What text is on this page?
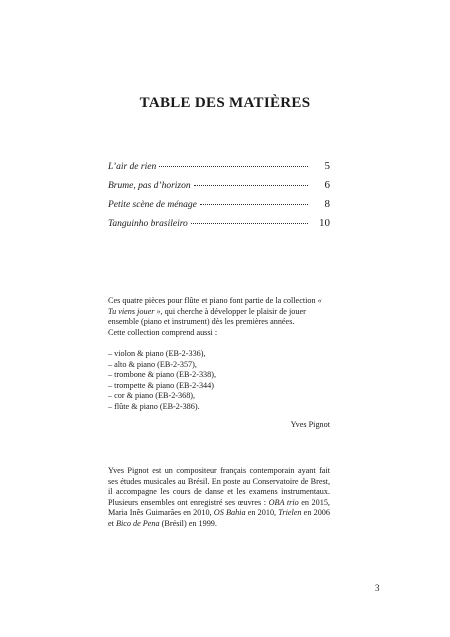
TABLE DES MATIÈRES
L’air de rien	5
Brume, pas d’horizon	6
Petite scène de ménage	8
Tanguinho brasileiro	10

Ces quatre pièces pour flûte et piano font partie de la collection « Tu viens jouer », qui cherche à développer le plaisir de jouer ensemble (piano et instrument) dès les premières années.

Cette collection comprend aussi :

– violon & piano (EB-2-336),
– alto & piano (EB-2-357),
– trombone & piano (EB-2-338),
– trompette & piano (EB-2-344)
– cor & piano (EB-2-368),
– flûte & piano (EB-2-386).
Yves Pignot
Yves Pignot est un compositeur français contemporain ayant fait ses études musicales au Brésil. En poste au Conservatoire de Brest, il accompagne les cours de danse et les examens instrumentaux. Plusieurs ensembles ont enregistré ses œuvres : OBA trio en 2015, Maria Inês Guimarães en 2010, OS Bahia en 2010, Trielen en 2006 et Bico de Pena (Brésil) en 1999.
3
